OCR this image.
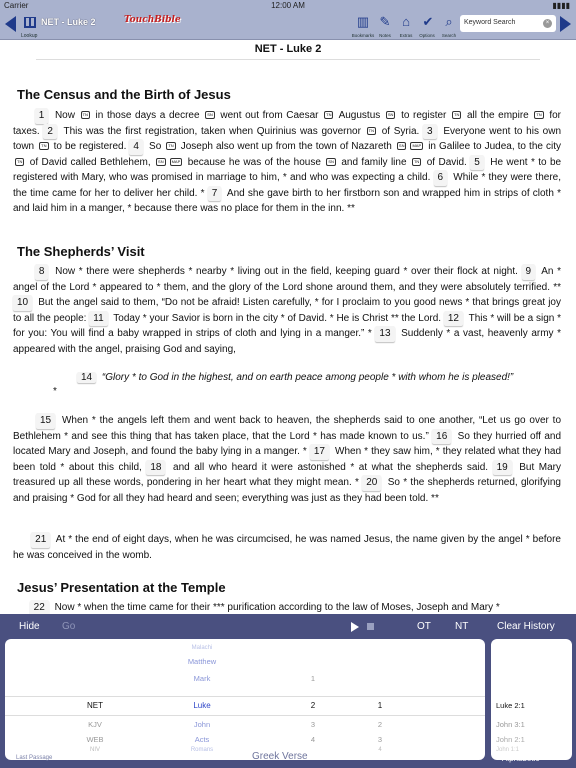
Carrier	12:00 AM	▮▮▮▮
NET - Luke 2
Lookup
TouchBible	▥
Bookmarks
✎
Notes
⌂
Extras
✔
Options
⌕
Search
Keyword Search	×
NET - Luke 2
The Census and the Birth of Jesus
1 Now TN in those days a decree SN went out from Caesar TN Augustus SN to register TN all the empire TN for taxes. 2 This was the first registration, taken when Quirinius was governor TN of Syria. 3 Everyone went to his own town TN to be registered. 4 So TN Joseph also went up from the town of Nazareth SN MAP in Galilee to Judea, to the city TN of David called Bethlehem, SN MAP because he was of the house SN and family line TN of David. 5 He went * to be registered with Mary, who was promised in marriage to him, * and who was expecting a child. 6 While * they were there, the time came for her to deliver her child. * 7 And she gave birth to her firstborn son and wrapped him in strips of cloth * and laid him in a manger, * because there was no place for them in the inn. **
The Shepherds’ Visit
8 Now * there were shepherds * nearby * living out in the field, keeping guard * over their flock at night. 9 An * angel of the Lord * appeared to * them, and the glory of the Lord shone around them, and they were absolutely terrified. ** 10 But the angel said to them, “Do not be afraid! Listen carefully, * for I proclaim to you good news * that brings great joy to all the people: 11 Today * your Savior is born in the city * of David. * He is Christ ** the Lord. 12 This * will be a sign * for you: You will find a baby wrapped in strips of cloth and lying in a manger.” * 13 Suddenly * a vast, heavenly army * appeared with the angel, praising God and saying,
14 “Glory * to God in the highest, and on earth peace among people * with whom he is pleased!”
*
15 When * the angels left them and went back to heaven, the shepherds said to one another, “Let us go over to Bethlehem * and see this thing that has taken place, that the Lord * has made known to us.” 16 So they hurried off and located Mary and Joseph, and found the baby lying in a manger. * 17 When * they saw him, * they related what they had been told * about this child, 18 and all who heard it were astonished * at what the shepherds said. 19 But Mary treasured up all these words, pondering in her heart what they might mean. * 20 So * the shepherds returned, glorifying and praising * God for all they had heard and seen; everything was just as they had been told. **
21 At * the end of eight days, when he was circumcised, he was named Jesus, the name given by the angel * before he was conceived in the womb.
Jesus’ Presentation at the Temple
22 Now * when the time came for their *** purification according to the law of Moses, Joseph and Mary *
Hide Go	OT NT	Clear History
NET
KJV
WEB
NIV
Malachi
Matthew
Mark
Luke
John
Acts
Romans
1
2
3
4
1
2
3
4
Luke 2:1
John 3:1
John 2:1
John 1:1
Last Passage	Greek Verse	Alphabetic
